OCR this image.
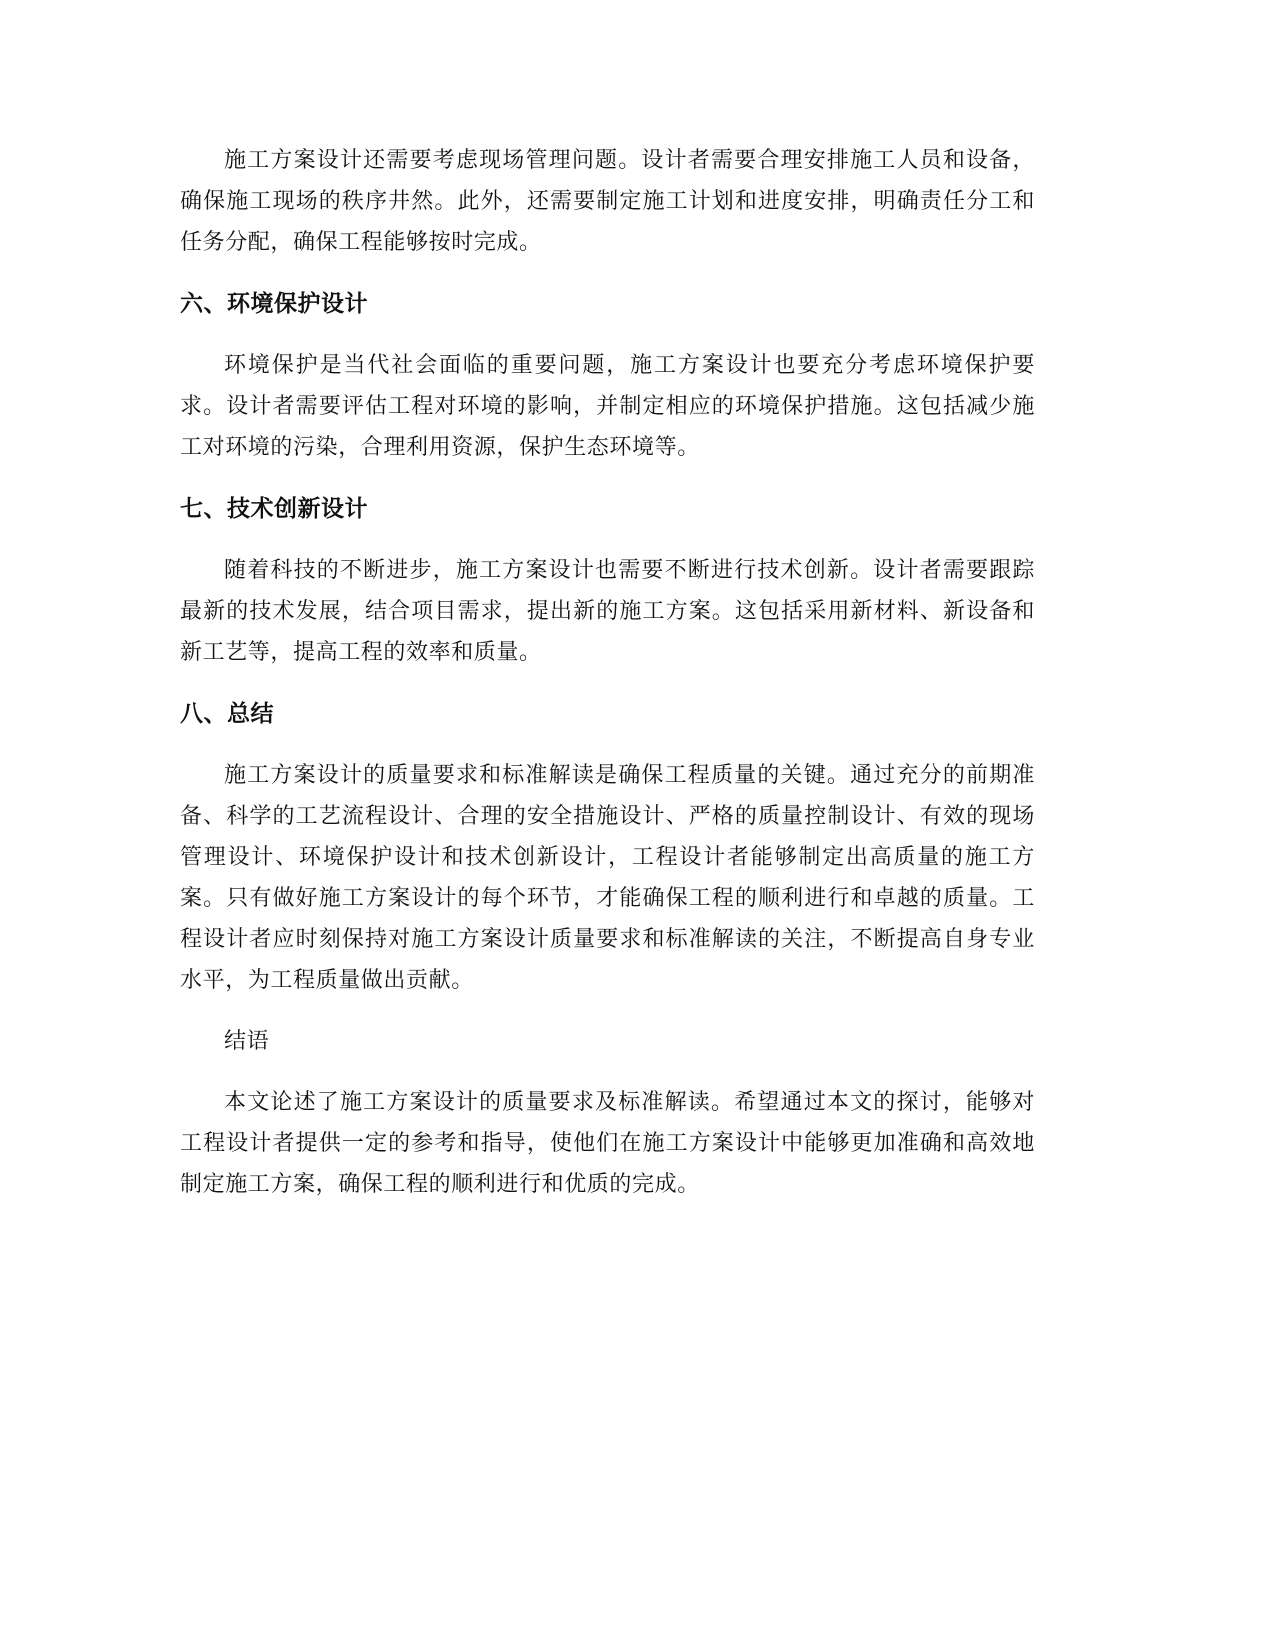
施工方案设计还需要考虑现场管理问题。设计者需要合理安排施工人员和设备，确保施工现场的秩序井然。此外，还需要制定施工计划和进度安排，明确责任分工和任务分配，确保工程能够按时完成。

六、环境保护设计

环境保护是当代社会面临的重要问题，施工方案设计也要充分考虑环境保护要求。设计者需要评估工程对环境的影响，并制定相应的环境保护措施。这包括减少施工对环境的污染，合理利用资源，保护生态环境等。

七、技术创新设计

随着科技的不断进步，施工方案设计也需要不断进行技术创新。设计者需要跟踪最新的技术发展，结合项目需求，提出新的施工方案。这包括采用新材料、新设备和新工艺等，提高工程的效率和质量。

八、总结

施工方案设计的质量要求和标准解读是确保工程质量的关键。通过充分的前期准备、科学的工艺流程设计、合理的安全措施设计、严格的质量控制设计、有效的现场管理设计、环境保护设计和技术创新设计，工程设计者能够制定出高质量的施工方案。只有做好施工方案设计的每个环节，才能确保工程的顺利进行和卓越的质量。工程设计者应时刻保持对施工方案设计质量要求和标准解读的关注，不断提高自身专业水平，为工程质量做出贡献。

结语

本文论述了施工方案设计的质量要求及标准解读。希望通过本文的探讨，能够对工程设计者提供一定的参考和指导，使他们在施工方案设计中能够更加准确和高效地制定施工方案，确保工程的顺利进行和优质的完成。
